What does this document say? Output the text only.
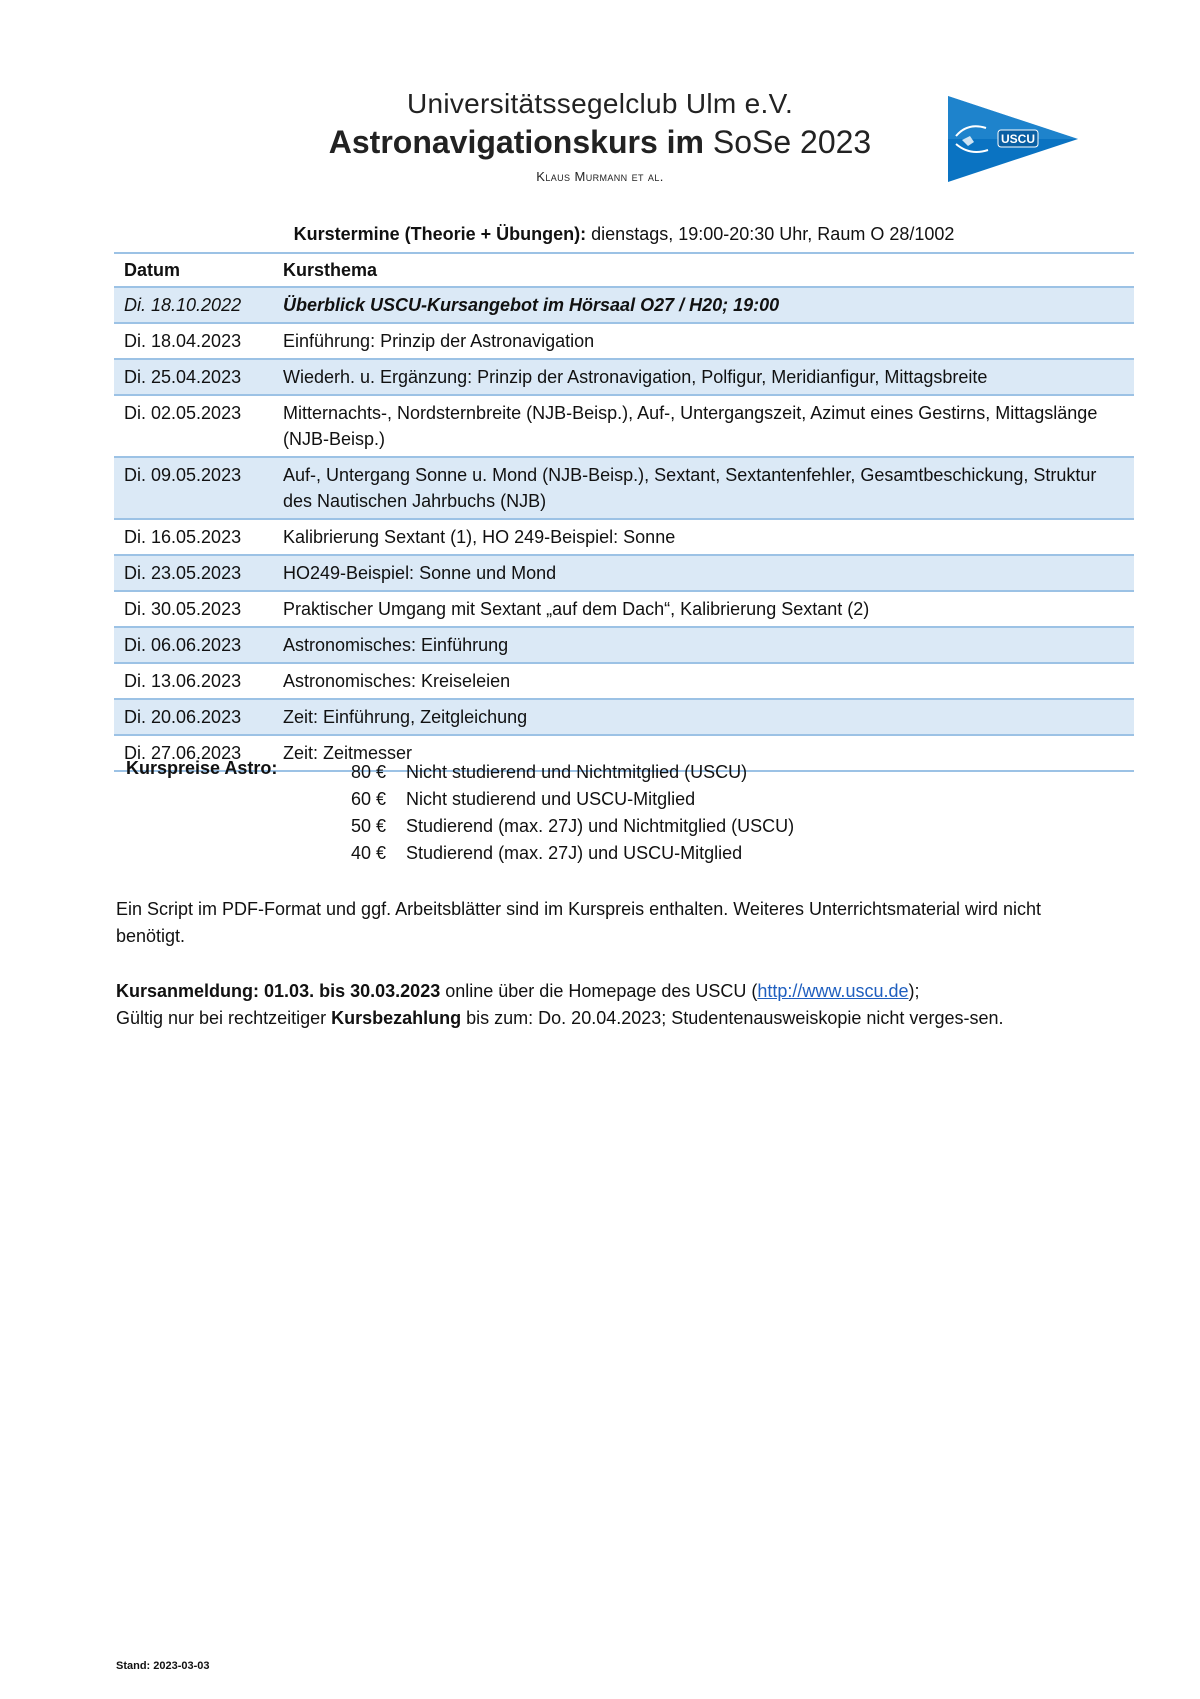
Universitätssegelclub Ulm e.V.
Astronavigationskurs im SoSe 2023
Klaus Murmann et al.
USCU
Kurstermine (Theorie + Übungen): dienstags, 19:00-20:30 Uhr, Raum O 28/1002
Datum	Kursthema
Di. 18.10.2022	Überblick USCU-Kursangebot im Hörsaal O27 / H20; 19:00
Di. 18.04.2023	Einführung: Prinzip der Astronavigation
Di. 25.04.2023	Wiederh. u. Ergänzung: Prinzip der Astronavigation, Polfigur, Meridianfigur, Mittagsbreite
Di. 02.05.2023	Mitternachts-, Nordsternbreite (NJB-Beisp.), Auf-, Untergangszeit, Azimut eines Gestirns, Mittagslänge (NJB-Beisp.)
Di. 09.05.2023	Auf-, Untergang Sonne u. Mond (NJB-Beisp.), Sextant, Sextantenfehler, Gesamtbeschickung, Struktur des Nautischen Jahrbuchs (NJB)
Di. 16.05.2023	Kalibrierung Sextant (1), HO 249-Beispiel: Sonne
Di. 23.05.2023	HO249-Beispiel: Sonne und Mond
Di. 30.05.2023	Praktischer Umgang mit Sextant „auf dem Dach“, Kalibrierung Sextant (2)
Di. 06.06.2023	Astronomisches: Einführung
Di. 13.06.2023	Astronomisches: Kreiseleien
Di. 20.06.2023	Zeit: Einführung, Zeitgleichung
Di. 27.06.2023	Zeit: Zeitmesser
Kurspreise Astro:	80 € Nicht studierend und Nichtmitglied (USCU)
60 € Nicht studierend und USCU-Mitglied
50 € Studierend (max. 27J) und Nichtmitglied (USCU)
40 € Studierend (max. 27J) und USCU-Mitglied
Ein Script im PDF-Format und ggf. Arbeitsblätter sind im Kurspreis enthalten. Weiteres Unterrichtsmaterial wird nicht benötigt.
Kursanmeldung: 01.03. bis 30.03.2023 online über die Homepage des USCU (http://www.uscu.de);
Gültig nur bei rechtzeitiger Kursbezahlung bis zum: Do. 20.04.2023; Studentenausweiskopie nicht verges-sen.
Stand: 2023-03-03
